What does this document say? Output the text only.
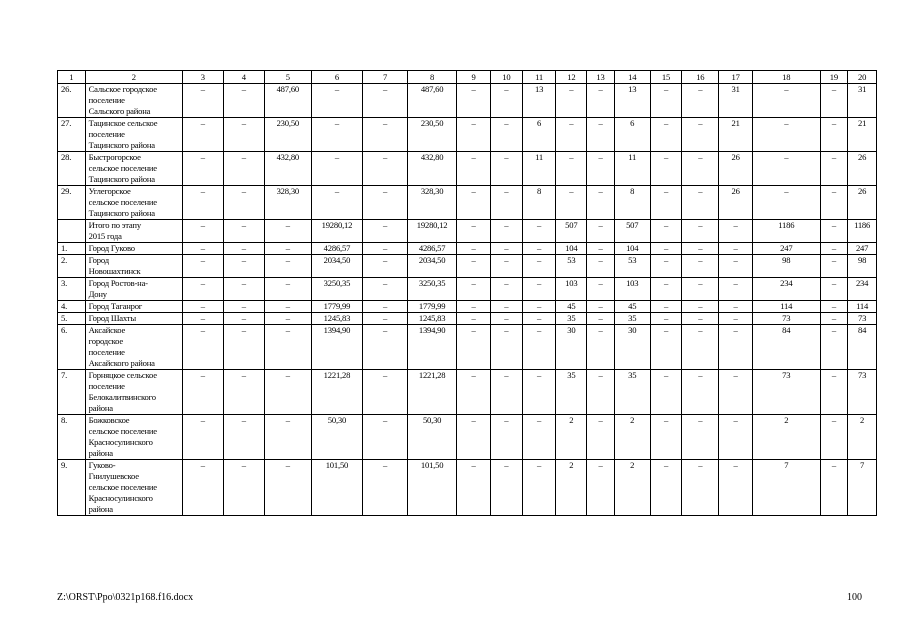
1	2	3	4	5	6	7	8	9	10	11	12	13	14	15	16	17	18	19	20
26.	Сальское городское
поселение
Сальского района	–	–	487,60	–	–	487,60	–	–	13	–	–	13	–	–	31	–	–	31
27.	Тацинское сельское
поселение
Тацинского района	–	–	230,50	–	–	230,50	–	–	6	–	–	6	–	–	21	–	–	21
28.	Быстрогорское
сельское поселение
Тацинского района	–	–	432,80	–	–	432,80	–	–	11	–	–	11	–	–	26	–	–	26
29.	Углегорское
сельское поселение
Тацинского района	–	–	328,30	–	–	328,30	–	–	8	–	–	8	–	–	26	–	–	26

	Итого по этапу
2015 года	–	–	–	19280,12	–	19280,12	–	–	–	507	–	507	–	–	–	1186	–	1186
1.	Город Гуково	–	–	–	4286,57	–	4286,57	–	–	–	104	–	104	–	–	–	247	–	247
2.	Город
Новошахтинск	–	–	–	2034,50	–	2034,50	–	–	–	53	–	53	–	–	–	98	–	98
3.	Город Ростов-на-
Дону	–	–	–	3250,35	–	3250,35	–	–	–	103	–	103	–	–	–	234	–	234
4.	Город Таганрог	–	–	–	1779,99	–	1779,99	–	–	–	45	–	45	–	–	–	114	–	114
5.	Город Шахты	–	–	–	1245,83	–	1245,83	–	–	–	35	–	35	–	–	–	73	–	73
6.	Аксайское
городское
поселение
Аксайского района	–	–	–	1394,90	–	1394,90	–	–	–	30	–	30	–	–	–	84	–	84
7.	Горняцкое сельское
поселение
Белокалитвинского
района	–	–	–	1221,28	–	1221,28	–	–	–	35	–	35	–	–	–	73	–	73
8.	Божковское
сельское поселение
Красносулинского
района	–	–	–	50,30	–	50,30	–	–	–	2	–	2	–	–	–	2	–	2
9.	Гуково-
Гнилушевское
сельское поселение
Красносулинского
района	–	–	–	101,50	–	101,50	–	–	–	2	–	2	–	–	–	7	–	7
Z:\ORST\Ppo\0321p168.f16.docx	100
